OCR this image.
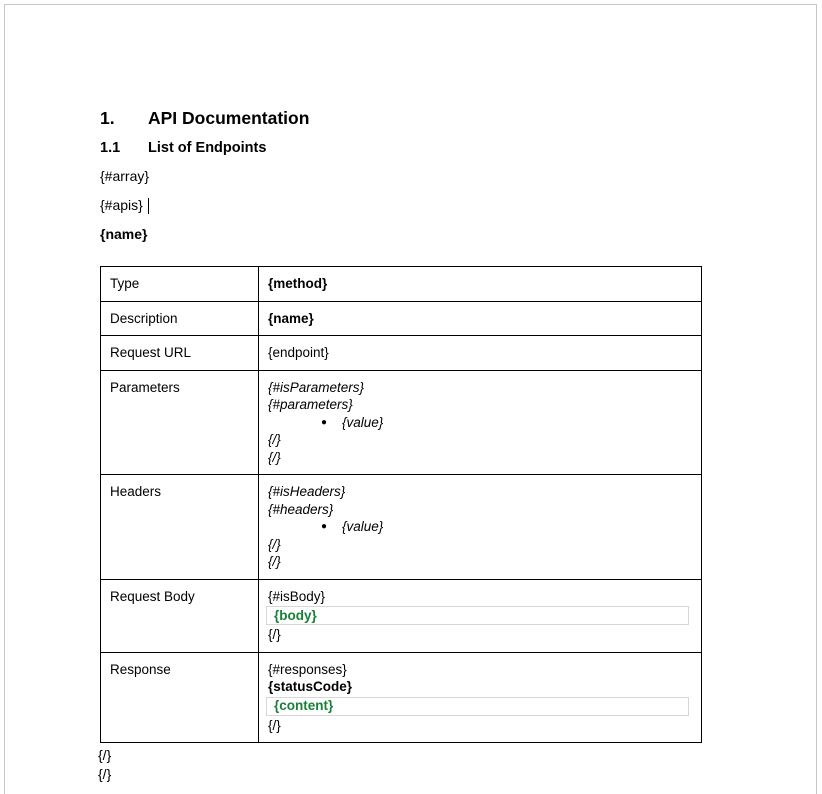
1.	API Documentation
1.1	List of Endpoints
{#array}
{#apis}
{name}
Type	{method}
Description	{name}
Request URL	{endpoint}
Parameters	{#isParameters}
{#parameters}
●
{value}
{/}
{/}

Headers	{#isHeaders}
{#headers}
●
{value}
{/}
{/}

Request Body	{#isBody}
{body}
{/}

Response	{#responses}
{statusCode}
{content}
{/}
{/}
{/}
